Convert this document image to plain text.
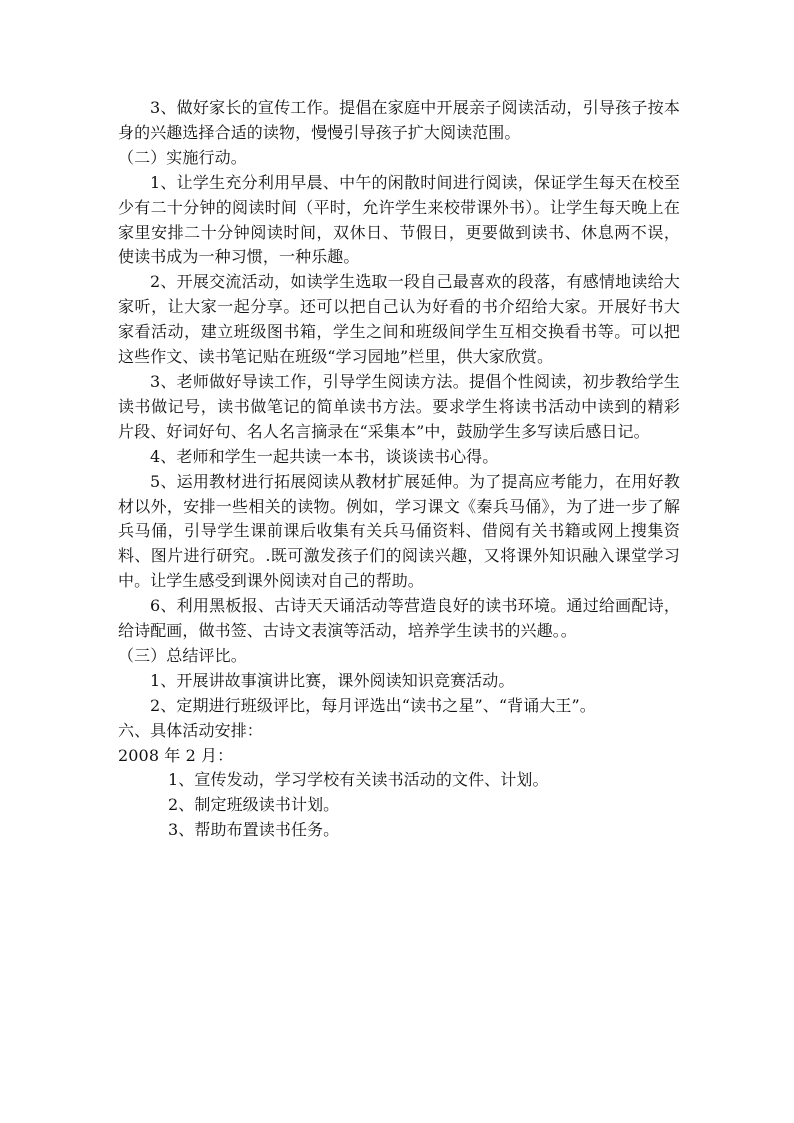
3、做好家长的宣传工作。提倡在家庭中开展亲子阅读活动，引导孩子按本身的兴趣选择合适的读物，慢慢引导孩子扩大阅读范围。

（二）实施行动。

1、让学生充分利用早晨、中午的闲散时间进行阅读，保证学生每天在校至少有二十分钟的阅读时间（平时，允许学生来校带课外书）。让学生每天晚上在家里安排二十分钟阅读时间，双休日、节假日，更要做到读书、休息两不误，使读书成为一种习惯，一种乐趣。

2、开展交流活动，如读学生选取一段自己最喜欢的段落，有感情地读给大家听，让大家一起分享。还可以把自己认为好看的书介绍给大家。开展好书大家看活动，建立班级图书箱，学生之间和班级间学生互相交换看书等。可以把这些作文、读书笔记贴在班级“学习园地”栏里，供大家欣赏。

3、老师做好导读工作，引导学生阅读方法。提倡个性阅读，初步教给学生读书做记号，读书做笔记的简单读书方法。要求学生将读书活动中读到的精彩片段、好词好句、名人名言摘录在“采集本”中，鼓励学生多写读后感日记。

4、老师和学生一起共读一本书，谈谈读书心得。

5、运用教材进行拓展阅读从教材扩展延伸。为了提高应考能力，在用好教材以外，安排一些相关的读物。例如，学习课文《秦兵马俑》，为了进一步了解兵马俑，引导学生课前课后收集有关兵马俑资料、借阅有关书籍或网上搜集资料、图片进行研究。.既可激发孩子们的阅读兴趣，又将课外知识融入课堂学习中。让学生感受到课外阅读对自己的帮助。

6、利用黑板报、古诗天天诵活动等营造良好的读书环境。通过给画配诗，给诗配画，做书签、古诗文表演等活动，培养学生读书的兴趣。。

（三）总结评比。

1、开展讲故事演讲比赛，课外阅读知识竞赛活动。

2、定期进行班级评比，每月评选出“读书之星”、“背诵大王”。

六、具体活动安排：

2008 年 2 月：

1、宣传发动，学习学校有关读书活动的文件、计划。

2、制定班级读书计划。

3、帮助布置读书任务。
